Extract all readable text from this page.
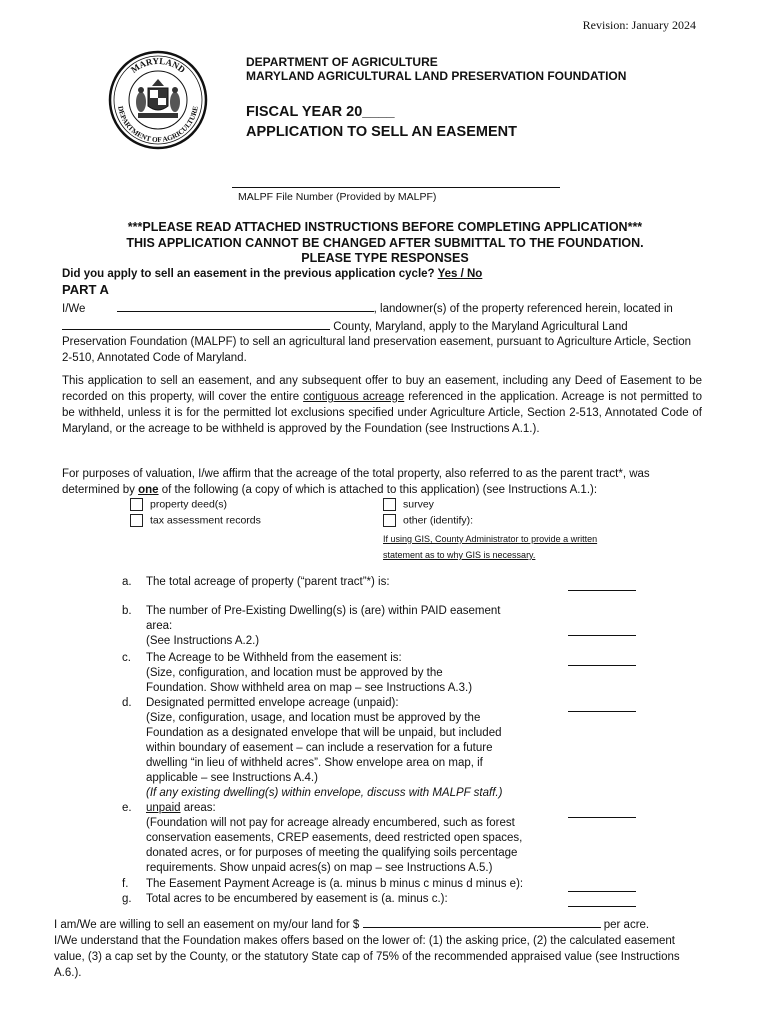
Revision: January 2024
MARYLAND
DEPARTMENT OF AGRICULTURE
DEPARTMENT OF AGRICULTURE
MARYLAND AGRICULTURAL LAND PRESERVATION FOUNDATION
FISCAL YEAR 20____
APPLICATION TO SELL AN EASEMENT
MALPF File Number (Provided by MALPF)
***PLEASE READ ATTACHED INSTRUCTIONS BEFORE COMPLETING APPLICATION***
THIS APPLICATION CANNOT BE CHANGED AFTER SUBMITTAL TO THE FOUNDATION.
PLEASE TYPE RESPONSES
Did you apply to sell an easement in the previous application cycle? Yes / No
PART A
I/We	, landowner(s) of the property referenced herein, located in
County, Maryland, apply to the Maryland Agricultural Land
Preservation Foundation (MALPF) to sell an agricultural land preservation easement, pursuant to Agriculture Article, Section 2-510, Annotated Code of Maryland.
This application to sell an easement, and any subsequent offer to buy an easement, including any Deed of Easement to be recorded on this property, will cover the entire contiguous acreage referenced in the application. Acreage is not permitted to be withheld, unless it is for the permitted lot exclusions specified under Agriculture Article, Section 2-513, Annotated Code of Maryland, or the acreage to be withheld is approved by the Foundation (see Instructions A.1.).
For purposes of valuation, I/we affirm that the acreage of the total property, also referred to as the parent tract*, was determined by one of the following (a copy of which is attached to this application) (see Instructions A.1.):
property deed(s)
tax assessment records
survey
other (identify):
If using GIS, County Administrator to provide a written
statement as to why GIS is necessary.
a. The total acreage of property (“parent tract”*) is:
b. The number of Pre-Existing Dwelling(s) is (are) within PAID easement
area:
(See Instructions A.2.)
c. The Acreage to be Withheld from the easement is:
(Size, configuration, and location must be approved by the
Foundation. Show withheld area on map – see Instructions A.3.)
d. Designated permitted envelope acreage (unpaid):
(Size, configuration, usage, and location must be approved by the
Foundation as a designated envelope that will be unpaid, but included
within boundary of easement – can include a reservation for a future
dwelling “in lieu of withheld acres”. Show envelope area on map, if
applicable – see Instructions A.4.)
(If any existing dwelling(s) within envelope, discuss with MALPF staff.)
e. unpaid areas:
(Foundation will not pay for acreage already encumbered, such as forest
conservation easements, CREP easements, deed restricted open spaces,
donated acres, or for purposes of meeting the qualifying soils percentage
requirements. Show unpaid acres(s) on map – see Instructions A.5.)
f. The Easement Payment Acreage is (a. minus b minus c minus d minus e):
g. Total acres to be encumbered by easement is (a. minus c.):
I am/We are willing to sell an easement on my/our land for $	per acre.
I/We understand that the Foundation makes offers based on the lower of: (1) the asking price, (2) the calculated easement value, (3) a cap set by the County, or the statutory State cap of 75% of the recommended appraised value (see Instructions A.6.).
